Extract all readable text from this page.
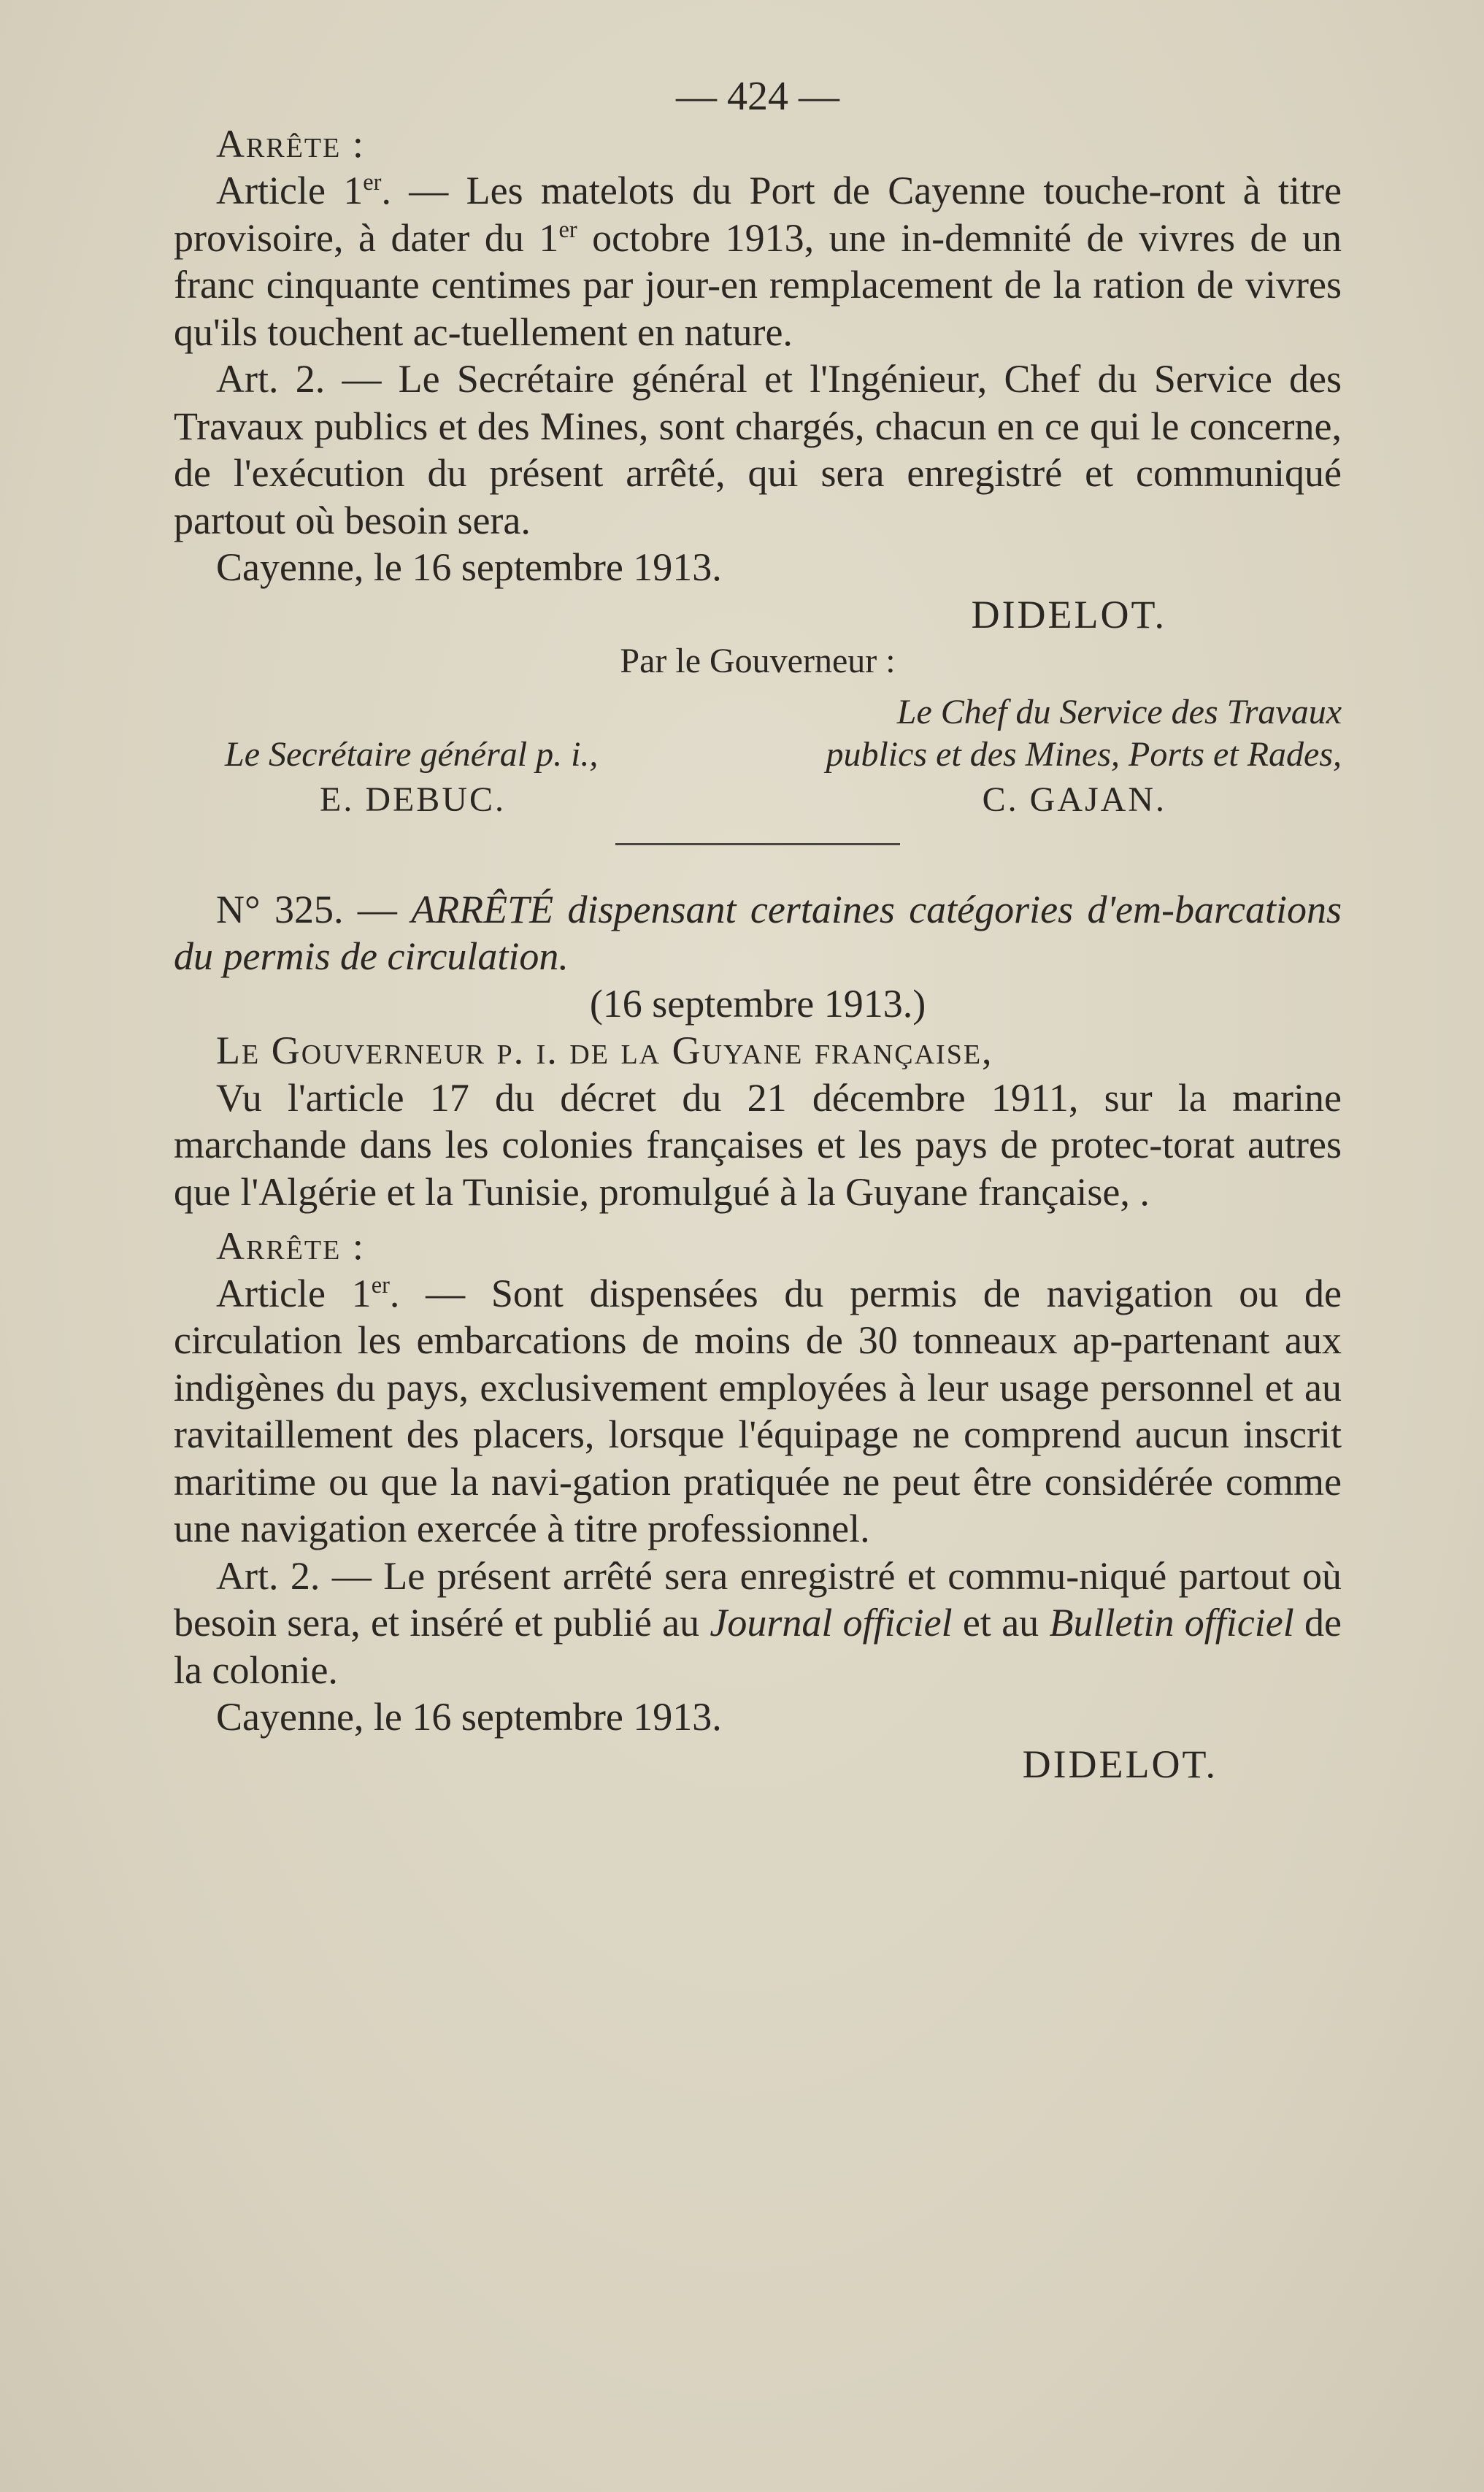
— 424 —

Arrête :

Article 1er. — Les matelots du Port de Cayenne touche-ront à titre provisoire, à dater du 1er octobre 1913, une in-demnité de vivres de un franc cinquante centimes par jour-en remplacement de la ration de vivres qu'ils touchent ac-tuellement en nature.

Art. 2. — Le Secrétaire général et l'Ingénieur, Chef du Service des Travaux publics et des Mines, sont chargés, chacun en ce qui le concerne, de l'exécution du présent arrêté, qui sera enregistré et communiqué partout où besoin sera.

Cayenne, le 16 septembre 1913.

DIDELOT.

Par le Gouverneur :

Le Secrétaire général p. i.,
E. DEBUC.
Le Chef du Service des Travaux
publics et des Mines, Ports et Rades,
C. GAJAN.

N° 325. — ARRÊTÉ dispensant certaines catégories d'em-barcations du permis de circulation.

(16 septembre 1913.)

Le Gouverneur p. i. de la Guyane française,

Vu l'article 17 du décret du 21 décembre 1911, sur la marine marchande dans les colonies françaises et les pays de protec-torat autres que l'Algérie et la Tunisie, promulgué à la Guyane française, .

Arrête :

Article 1er. — Sont dispensées du permis de navigation ou de circulation les embarcations de moins de 30 tonneaux ap-partenant aux indigènes du pays, exclusivement employées à leur usage personnel et au ravitaillement des placers, lorsque l'équipage ne comprend aucun inscrit maritime ou que la navi-gation pratiquée ne peut être considérée comme une navigation exercée à titre professionnel.

Art. 2. — Le présent arrêté sera enregistré et commu-niqué partout où besoin sera, et inséré et publié au Journal officiel et au Bulletin officiel de la colonie.

Cayenne, le 16 septembre 1913.

DIDELOT.
